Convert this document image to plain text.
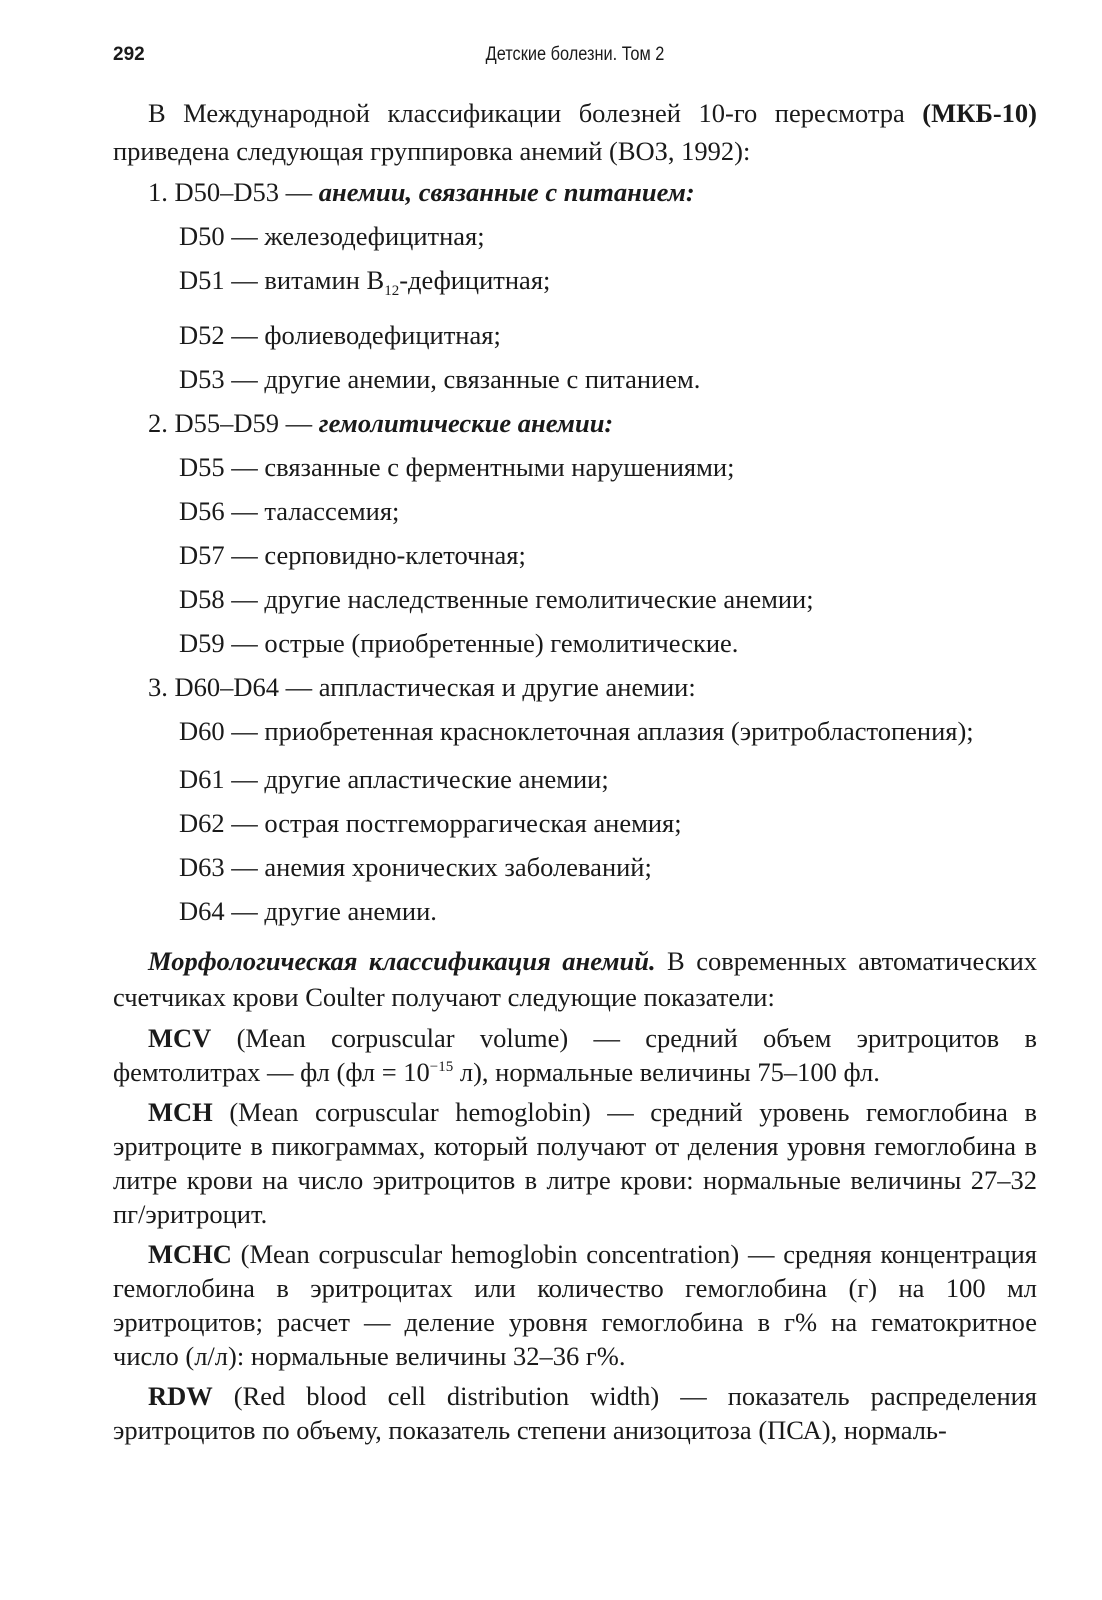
292	Детские болезни. Том 2

В Международной классификации болезней 10-го пересмотра (МКБ-10) приведена следующая группировка анемий (ВОЗ, 1992):

1. D50–D53 — анемии, связанные с питанием:

D50 — железодефицитная;

D51 — витамин $B_{12}$-дефицитная;

D52 — фолиеводефицитная;

D53 — другие анемии, связанные с питанием.

2. D55–D59 — гемолитические анемии:

D55 — связанные с ферментными нарушениями;

D56 — талассемия;

D57 — серповидно-клеточная;

D58 — другие наследственные гемолитические анемии;

D59 — острые (приобретенные) гемолитические.

3. D60–D64 — аппластическая и другие анемии:

D60 — приобретенная красноклеточная аплазия (эритробластопения);

D61 — другие апластические анемии;

D62 — острая постгеморрагическая анемия;

D63 — анемия хронических заболеваний;

D64 — другие анемии.

Морфологическая классификация анемий. В современных автоматических счетчиках крови Coulter получают следующие показатели:

MCV (Mean corpuscular volume) — средний объем эритроцитов в фемтолитрах — фл ($фл = 10^{-15}$ л), нормальные величины 75–100 фл.

MCH (Mean corpuscular hemoglobin) — средний уровень гемоглобина в эритроците в пикограммах, который получают от деления уровня гемоглобина в литре крови на число эритроцитов в литре крови: нормальные величины 27–32 пг/эритроцит.

MCHC (Mean corpuscular hemoglobin concentration) — средняя концентрация гемоглобина в эритроцитах или количество гемоглобина (г) на 100 мл эритроцитов; расчет — деление уровня гемоглобина в г% на гематокритное число (л/л): нормальные величины 32–36 г%.

RDW (Red blood cell distribution width) — показатель распределения эритроцитов по объему, показатель степени анизоцитоза (ПСА), нормаль-
